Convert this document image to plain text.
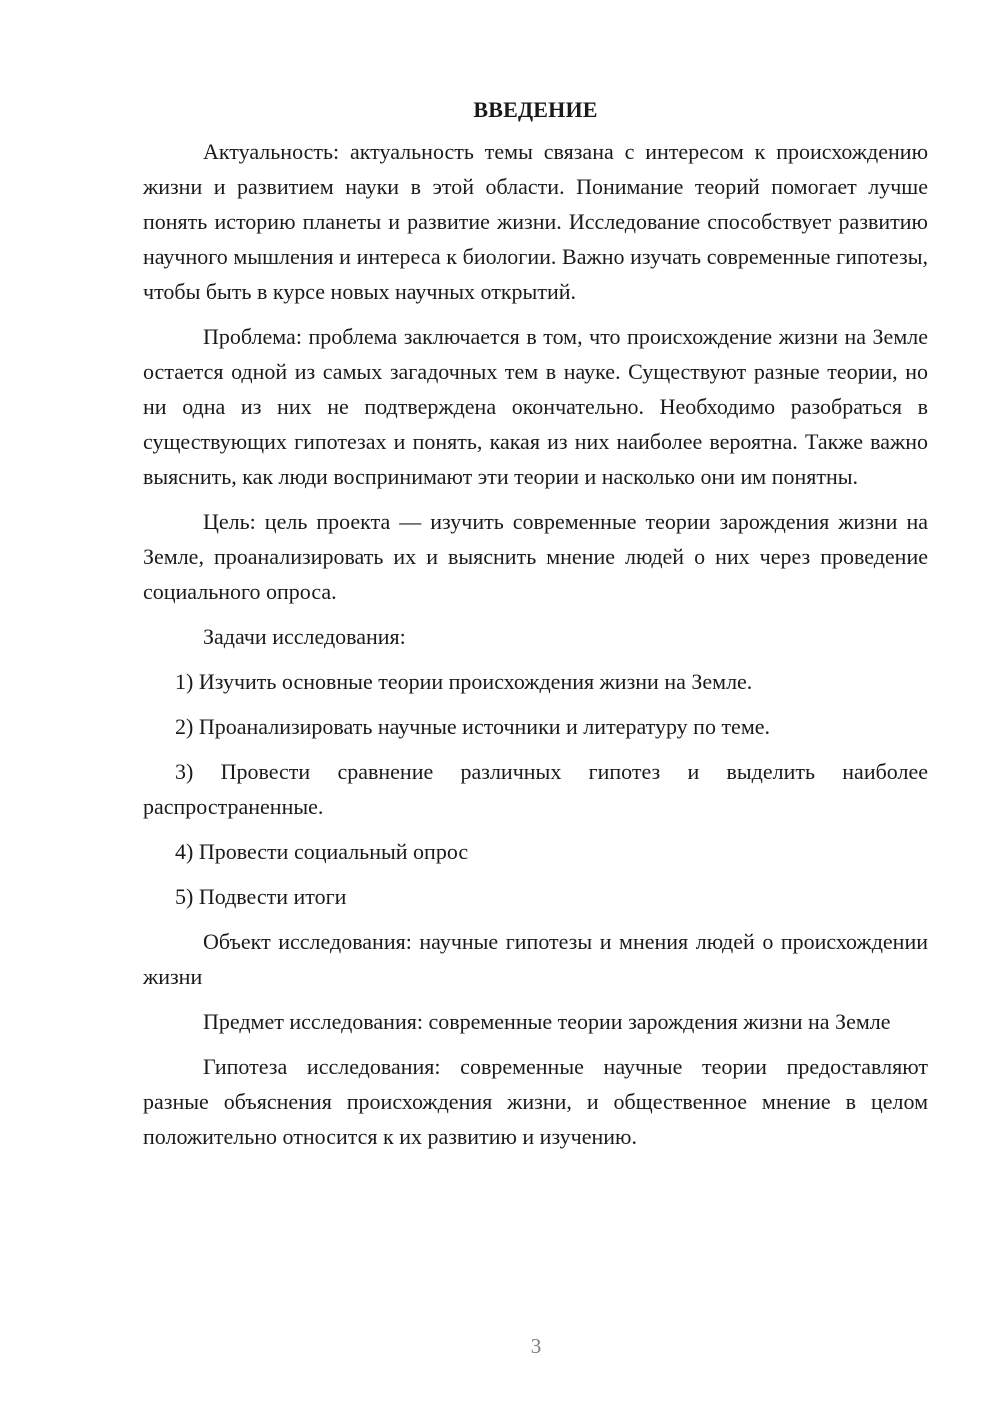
ВВЕДЕНИЕ

Актуальность: актуальность темы связана с интересом к происхождению жизни и развитием науки в этой области. Понимание теорий помогает лучше понять историю планеты и развитие жизни. Исследование способствует развитию научного мышления и интереса к биологии. Важно изучать современные гипотезы, чтобы быть в курсе новых научных открытий.

Проблема: проблема заключается в том, что происхождение жизни на Земле остается одной из самых загадочных тем в науке. Существуют разные теории, но ни одна из них не подтверждена окончательно. Необходимо разобраться в существующих гипотезах и понять, какая из них наиболее вероятна. Также важно выяснить, как люди воспринимают эти теории и насколько они им понятны.

Цель: цель проекта — изучить современные теории зарождения жизни на Земле, проанализировать их и выяснить мнение людей о них через проведение социального опроса.

Задачи исследования:

1) Изучить основные теории происхождения жизни на Земле.

2) Проанализировать научные источники и литературу по теме.

3) Провести сравнение различных гипотез и выделить наиболее распространенные.

4) Провести социальный опрос

5) Подвести итоги

Объект исследования: научные гипотезы и мнения людей о происхождении жизни

Предмет исследования: современные теории зарождения жизни на Земле

Гипотеза исследования: современные научные теории предоставляют разные объяснения происхождения жизни, и общественное мнение в целом положительно относится к их развитию и изучению.

3
